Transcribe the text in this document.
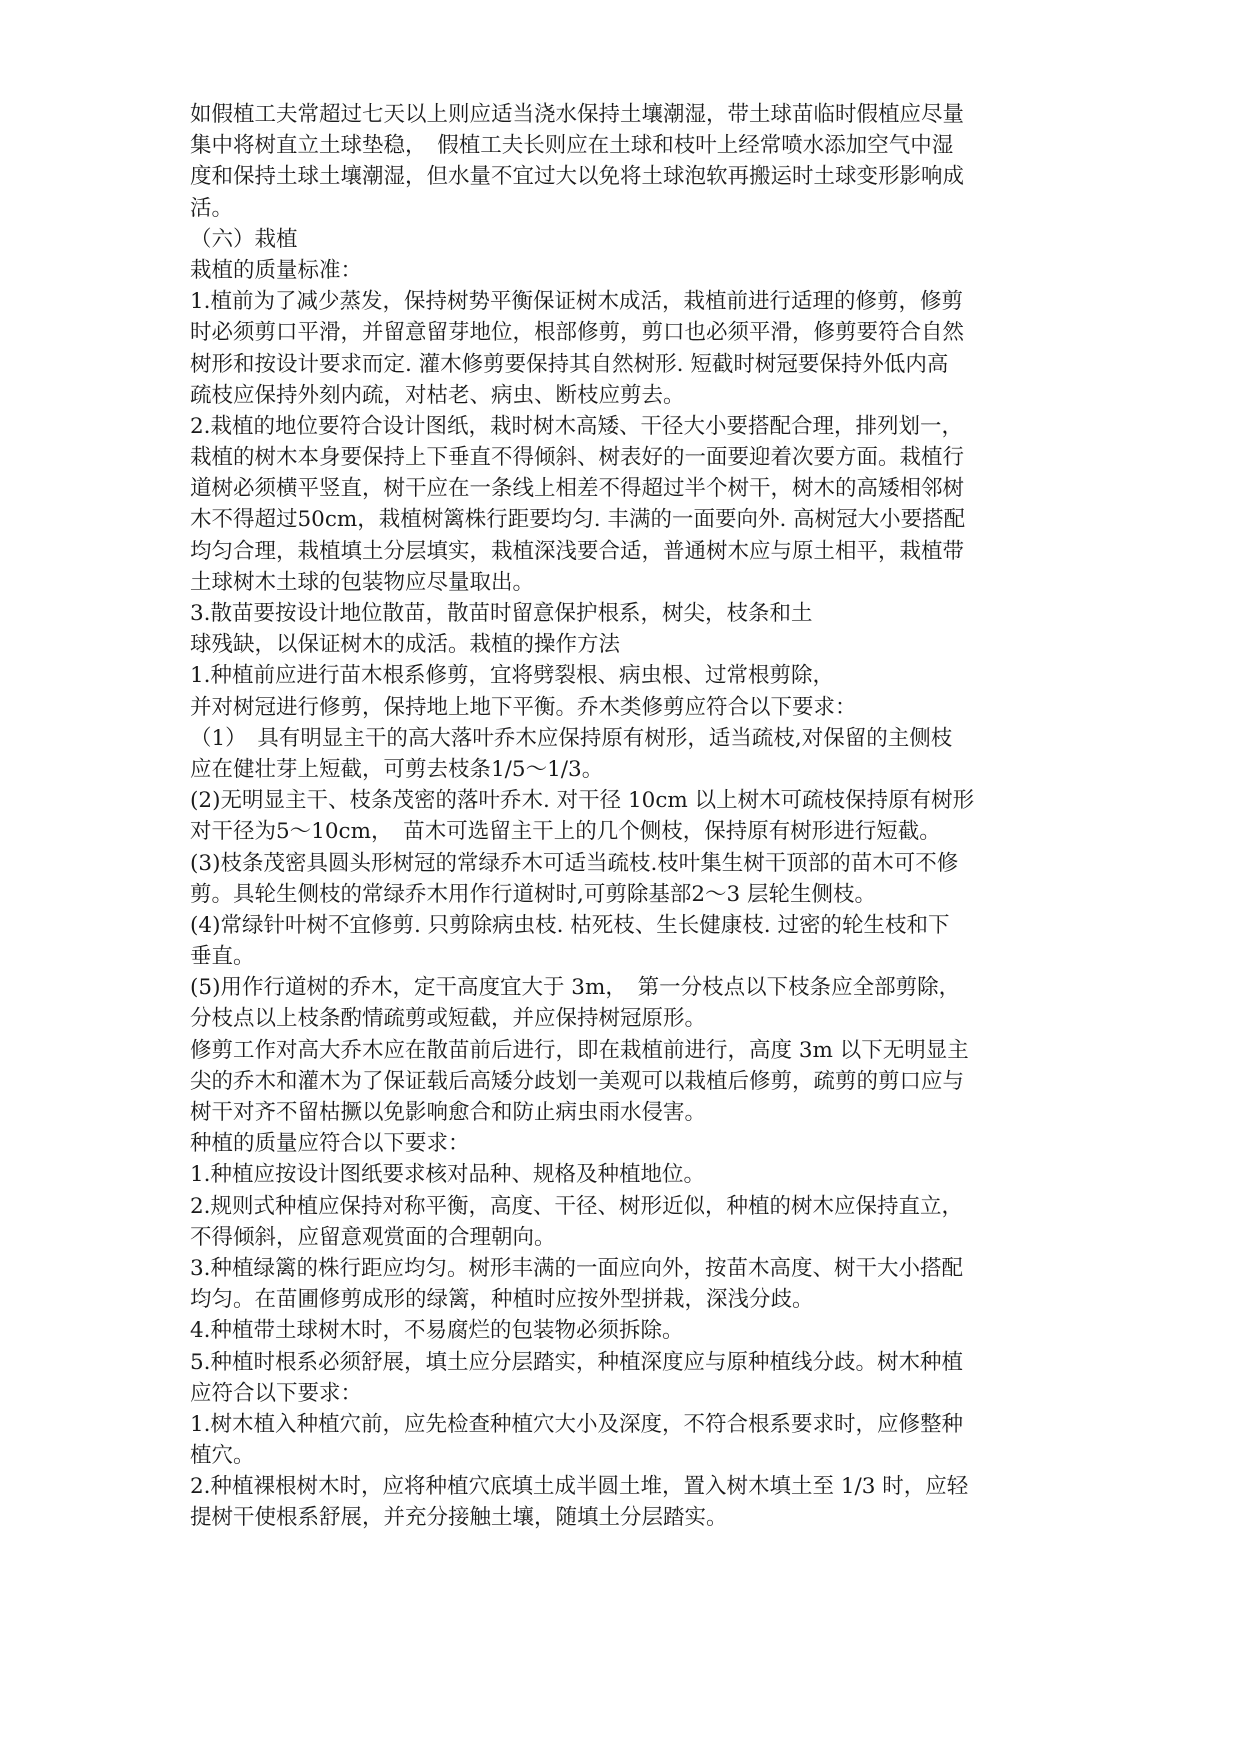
如假植工夫常超过七天以上则应适当浇水保持土壤潮湿，带土球苗临时假植应尽量
集中将树直立土球垫稳，　假植工夫长则应在土球和枝叶上经常喷水添加空气中湿
度和保持土球土壤潮湿，但水量不宜过大以免将土球泡软再搬运时土球变形影响成
活。
（六）栽植
栽植的质量标准：
1.植前为了减少蒸发，保持树势平衡保证树木成活，栽植前进行适理的修剪，修剪
时必须剪口平滑，并留意留芽地位，根部修剪，剪口也必须平滑，修剪要符合自然
树形和按设计要求而定. 灌木修剪要保持其自然树形. 短截时树冠要保持外低内高
疏枝应保持外刻内疏，对枯老、病虫、断枝应剪去。
2.栽植的地位要符合设计图纸，栽时树木高矮、干径大小要搭配合理，排列划一，
栽植的树木本身要保持上下垂直不得倾斜、树表好的一面要迎着次要方面。栽植行
道树必须横平竖直，树干应在一条线上相差不得超过半个树干，树木的高矮相邻树
木不得超过50cm，栽植树篱株行距要均匀. 丰满的一面要向外. 高树冠大小要搭配
均匀合理，栽植填土分层填实，栽植深浅要合适，普通树木应与原土相平，栽植带
土球树木土球的包装物应尽量取出。
3.散苗要按设计地位散苗，散苗时留意保护根系，树尖，枝条和土
球残缺，以保证树木的成活。栽植的操作方法
1.种植前应进行苗木根系修剪，宜将劈裂根、病虫根、过常根剪除，
并对树冠进行修剪，保持地上地下平衡。乔木类修剪应符合以下要求：
（1）　具有明显主干的高大落叶乔木应保持原有树形，适当疏枝,对保留的主侧枝
应在健壮芽上短截，可剪去枝条1/5～1/3。
(2)无明显主干、枝条茂密的落叶乔木. 对干径 10cm 以上树木可疏枝保持原有树形
对干径为5～10cm，　苗木可选留主干上的几个侧枝，保持原有树形进行短截。
(3)枝条茂密具圆头形树冠的常绿乔木可适当疏枝.枝叶集生树干顶部的苗木可不修
剪。具轮生侧枝的常绿乔木用作行道树时,可剪除基部2～3 层轮生侧枝。
(4)常绿针叶树不宜修剪. 只剪除病虫枝. 枯死枝、生长健康枝. 过密的轮生枝和下
垂直。
(5)用作行道树的乔木，定干高度宜大于 3m，　第一分枝点以下枝条应全部剪除，
分枝点以上枝条酌情疏剪或短截，并应保持树冠原形。
修剪工作对高大乔木应在散苗前后进行，即在栽植前进行，高度 3m 以下无明显主
尖的乔木和灌木为了保证载后高矮分歧划一美观可以栽植后修剪，疏剪的剪口应与
树干对齐不留枯撅以免影响愈合和防止病虫雨水侵害。
种植的质量应符合以下要求：
1.种植应按设计图纸要求核对品种、规格及种植地位。
2.规则式种植应保持对称平衡，高度、干径、树形近似，种植的树木应保持直立，
不得倾斜，应留意观赏面的合理朝向。
3.种植绿篱的株行距应均匀。树形丰满的一面应向外，按苗木高度、树干大小搭配
均匀。在苗圃修剪成形的绿篱，种植时应按外型拼栽，深浅分歧。
4.种植带土球树木时，不易腐烂的包装物必须拆除。
5.种植时根系必须舒展，填土应分层踏实，种植深度应与原种植线分歧。树木种植
应符合以下要求：
1.树木植入种植穴前，应先检查种植穴大小及深度，不符合根系要求时，应修整种
植穴。
2.种植裸根树木时，应将种植穴底填土成半圆土堆，置入树木填土至 1/3 时，应轻
提树干使根系舒展，并充分接触土壤，随填土分层踏实。
